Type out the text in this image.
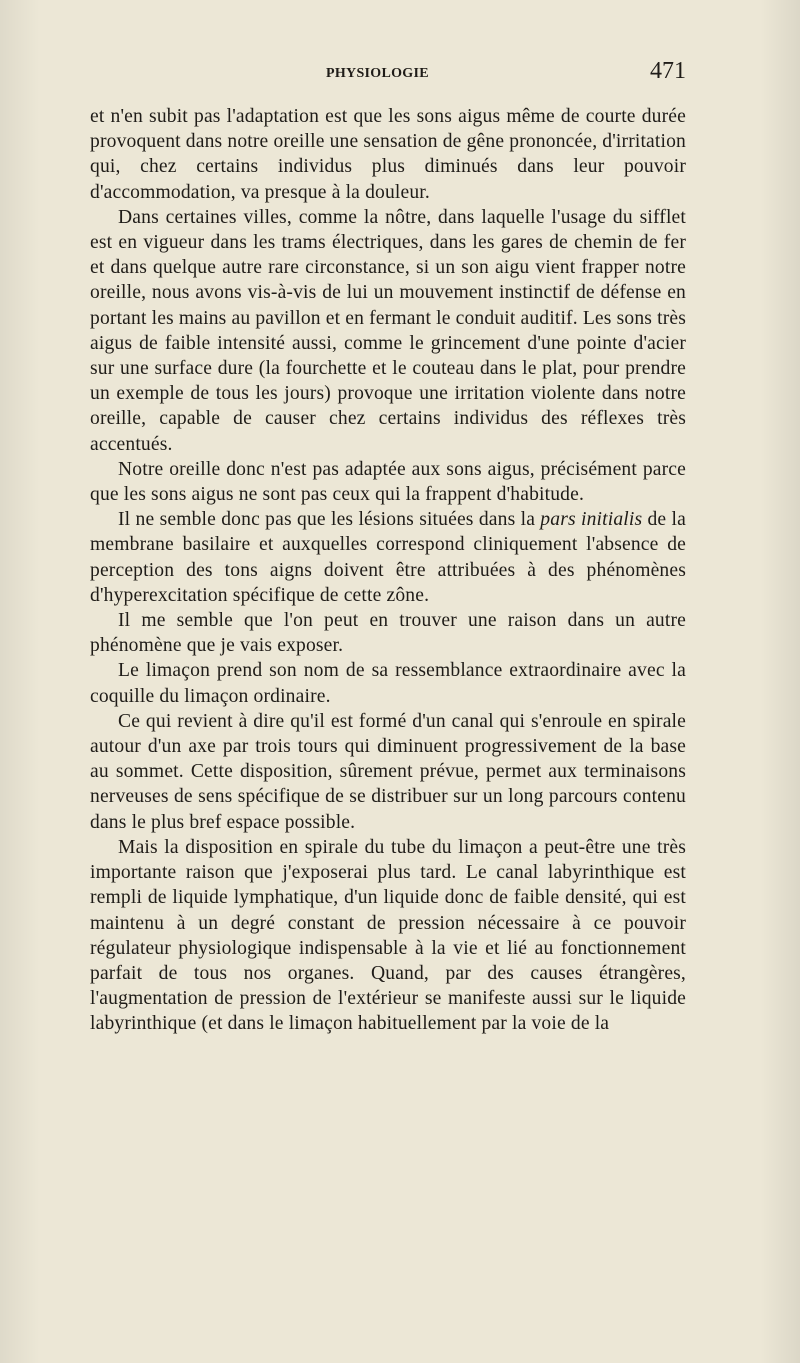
PHYSIOLOGIE	471

et n'en subit pas l'adaptation est que les sons aigus même de courte durée provoquent dans notre oreille une sensation de gêne prononcée, d'irritation qui, chez certains individus plus diminués dans leur pouvoir d'accommodation, va presque à la douleur.

Dans certaines villes, comme la nôtre, dans laquelle l'usage du sifflet est en vigueur dans les trams électriques, dans les gares de chemin de fer et dans quelque autre rare circonstance, si un son aigu vient frapper notre oreille, nous avons vis-à-vis de lui un mouvement instinctif de défense en portant les mains au pavillon et en fermant le conduit auditif. Les sons très aigus de faible intensité aussi, comme le grincement d'une pointe d'acier sur une surface dure (la fourchette et le couteau dans le plat, pour prendre un exemple de tous les jours) provoque une irritation violente dans notre oreille, capable de causer chez certains individus des réflexes très accentués.

Notre oreille donc n'est pas adaptée aux sons aigus, précisément parce que les sons aigus ne sont pas ceux qui la frappent d'habitude.

Il ne semble donc pas que les lésions situées dans la pars initialis de la membrane basilaire et auxquelles correspond cliniquement l'absence de perception des tons aigns doivent être attribuées à des phénomènes d'hyperexcitation spécifique de cette zône.

Il me semble que l'on peut en trouver une raison dans un autre phénomène que je vais exposer.

Le limaçon prend son nom de sa ressemblance extraordinaire avec la coquille du limaçon ordinaire.

Ce qui revient à dire qu'il est formé d'un canal qui s'enroule en spirale autour d'un axe par trois tours qui diminuent progressivement de la base au sommet. Cette disposition, sûrement prévue, permet aux terminaisons nerveuses de sens spécifique de se distribuer sur un long parcours contenu dans le plus bref espace possible.

Mais la disposition en spirale du tube du limaçon a peut-être une très importante raison que j'exposerai plus tard. Le canal labyrinthique est rempli de liquide lymphatique, d'un liquide donc de faible densité, qui est maintenu à un degré constant de pression nécessaire à ce pouvoir régulateur physiologique indispensable à la vie et lié au fonctionnement parfait de tous nos organes. Quand, par des causes étrangères, l'augmentation de pression de l'extérieur se manifeste aussi sur le liquide labyrinthique (et dans le limaçon habituellement par la voie de la
